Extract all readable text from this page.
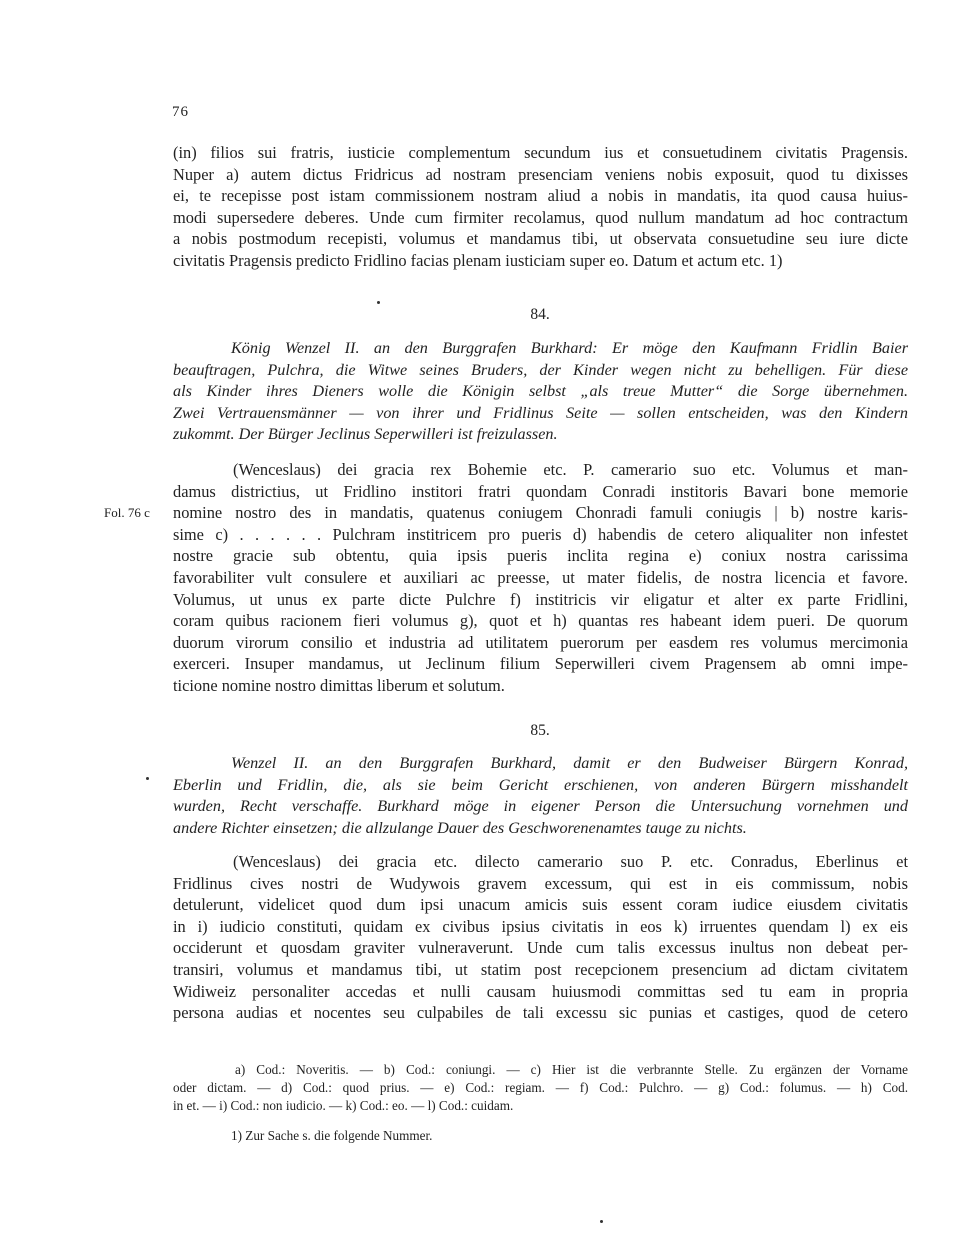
76
(in) filios sui fratris, iusticie complementum secundum ius et consuetudinem civitatis Pragensis.
Nuper a) autem dictus Fridricus ad nostram presenciam veniens nobis exposuit, quod tu dixisses
ei, te recepisse post istam commissionem nostram aliud a nobis in mandatis, ita quod causa huius-
modi supersedere deberes. Unde cum firmiter recolamus, quod nullum mandatum ad hoc contractum
a nobis postmodum recepisti, volumus et mandamus tibi, ut observata consuetudine seu iure dicte
civitatis Pragensis predicto Fridlino facias plenam iusticiam super eo. Datum et actum etc. 1)
84.
König Wenzel II. an den Burggrafen Burkhard: Er möge den Kaufmann Fridlin Baier
beauftragen, Pulchra, die Witwe seines Bruders, der Kinder wegen nicht zu behelligen. Für diese
als Kinder ihres Dieners wolle die Königin selbst „als treue Mutter“ die Sorge übernehmen.
Zwei Vertrauensmänner — von ihrer und Fridlinus Seite — sollen entscheiden, was den Kindern
zukommt. Der Bürger Jeclinus Seperwilleri ist freizulassen.
Fol. 76 c
(Wenceslaus) dei gracia rex Bohemie etc. P. camerario suo etc. Volumus et man-
damus districtius, ut Fridlino institori fratri quondam Conradi institoris Bavari bone memorie
nomine nostro des in mandatis, quatenus coniugem Chonradi famuli coniugis | b) nostre karis-
sime c) . . . . . . Pulchram institricem pro pueris d) habendis de cetero aliqualiter non infestet
nostre gracie sub obtentu, quia ipsis pueris inclita regina e) coniux nostra carissima
favorabiliter vult consulere et auxiliari ac preesse, ut mater fidelis, de nostra licencia et favore.
Volumus, ut unus ex parte dicte Pulchre f) institricis vir eligatur et alter ex parte Fridlini,
coram quibus racionem fieri volumus g), quot et h) quantas res habeant idem pueri. De quorum
duorum virorum consilio et industria ad utilitatem puerorum per easdem res volumus mercimonia
exerceri. Insuper mandamus, ut Jeclinum filium Seperwilleri civem Pragensem ab omni impe-
ticione nomine nostro dimittas liberum et solutum.
85.
Wenzel II. an den Burggrafen Burkhard, damit er den Budweiser Bürgern Konrad,
Eberlin und Fridlin, die, als sie beim Gericht erschienen, von anderen Bürgern misshandelt
wurden, Recht verschaffe. Burkhard möge in eigener Person die Untersuchung vornehmen und
andere Richter einsetzen; die allzulange Dauer des Geschworenenamtes tauge zu nichts.
(Wenceslaus) dei gracia etc. dilecto camerario suo P. etc. Conradus, Eberlinus et
Fridlinus cives nostri de Wudywois gravem excessum, qui est in eis commissum, nobis
detulerunt, videlicet quod dum ipsi unacum amicis suis essent coram iudice eiusdem civitatis
in i) iudicio constituti, quidam ex civibus ipsius civitatis in eos k) irruentes quendam l) ex eis
occiderunt et quosdam graviter vulneraverunt. Unde cum talis excessus inultus non debeat per-
transiri, volumus et mandamus tibi, ut statim post recepcionem presencium ad dictam civitatem
Widiweiz personaliter accedas et nulli causam huiusmodi committas sed tu eam in propria
persona audias et nocentes seu culpabiles de tali excessu sic punias et castiges, quod de cetero
a) Cod.: Noveritis. — b) Cod.: coniungi. — c) Hier ist die verbrannte Stelle. Zu ergänzen der Vorname
oder dictam. — d) Cod.: quod prius. — e) Cod.: regiam. — f) Cod.: Pulchro. — g) Cod.: folumus. — h) Cod.
in et. — i) Cod.: non iudicio. — k) Cod.: eo. — l) Cod.: cuidam.
1) Zur Sache s. die folgende Nummer.
